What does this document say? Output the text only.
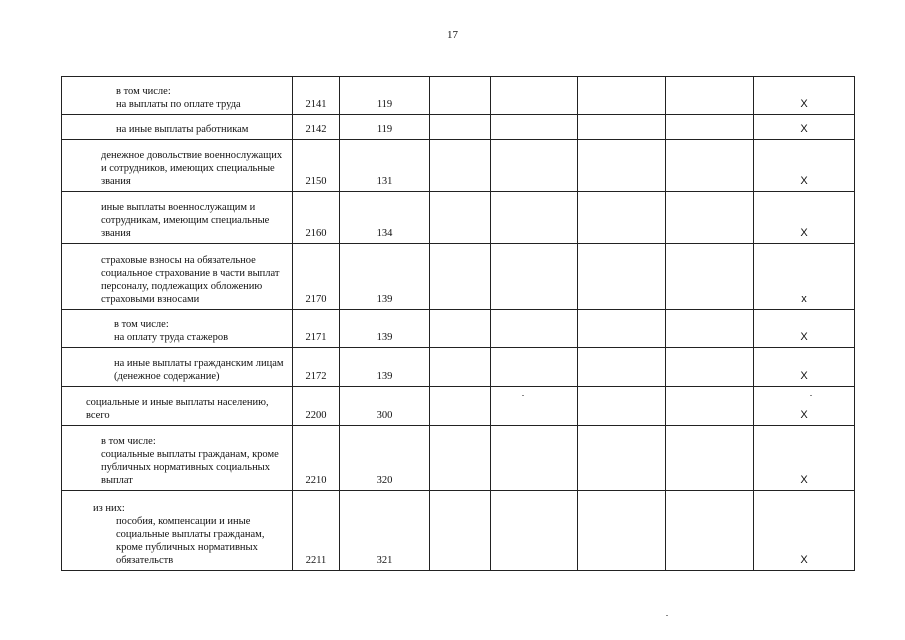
17
в том числе:
на выплаты по оплате труда	2141	119					X

на иные выплаты работникам	2142	119					X

денежное довольствие военнослужащих и сотрудников, имеющих специальные звания	2150	131					X

иные выплаты военнослужащим и сотрудникам, имеющим специальные звания	2160	134					X

страховые взносы на обязательное социальное страхование в части выплат персоналу, подлежащих обложению страховыми взносами	2170	139					x

в том числе:
на оплату труда стажеров	2171	139					X

на иные выплаты гражданским лицам (денежное содержание)	2172	139					X

социальные и иные выплаты населению, всего	2200	300					X

в том числе:
социальные выплаты гражданам, кроме публичных нормативных социальных выплат	2210	320					X

из них:
пособия, компенсации и иные социальные выплаты гражданам, кроме публичных нормативных обязательств	2211	321					X
